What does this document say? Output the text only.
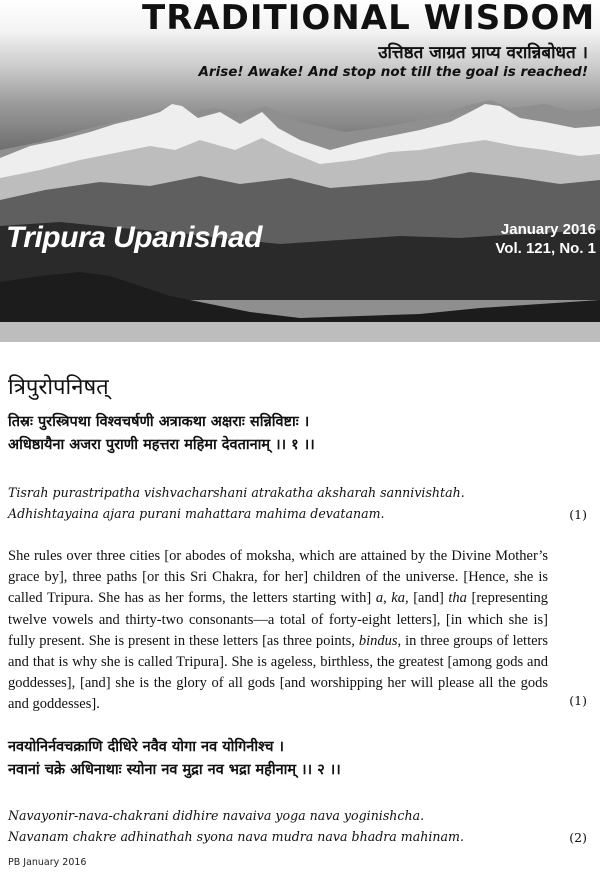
TRADITIONAL WISDOM
उत्तिष्ठत जाग्रत प्राप्य वरान्निबोधत ।
Arise! Awake! And stop not till the goal is reached!
Tripura Upanishad	January 2016
Vol. 121, No. 1
त्रिपुरोपनिषत्
तिस्रः पुरस्त्रिपथा विश्वचर्षणी अत्राकथा अक्षराः सन्निविष्टाः ।
अधिष्ठायैना अजरा पुराणी महत्तरा महिमा देवतानाम् ।। १ ।।
Tisrah purastripatha vishvacharshani atrakatha aksharah sannivishtah.
Adhishtayaina ajara purani mahattara mahima devatanam.	(1)

She rules over three cities [or abodes of moksha, which are attained by the Divine Mother’s grace by], three paths [or this Sri Chakra, for her] children of the universe. [Hence, she is called Tripura. She has as her forms, the letters starting with] a, ka, [and] tha [representing twelve vowels and thirty-two consonants—a total of forty-eight letters], [in which she is] fully present. She is present in these letters [as three points, bindus, in three groups of letters and that is why she is called Tripura]. She is ageless, birthless, the greatest [among gods and goddesses], [and] she is the glory of all gods [and worshipping her will please all the gods and goddesses].	(1)
नवयोनिर्नवचक्राणि दीधिरे नवैव योगा नव योगिनीश्च ।
नवानां चक्रे अधिनाथाः स्योना नव मुद्रा नव भद्रा महीनाम् ।। २ ।।
Navayonir-nava-chakrani didhire navaiva yoga nava yoginishcha.
Navanam chakre adhinathah syona nava mudra nava bhadra mahinam.	(2)
PB January 2016
